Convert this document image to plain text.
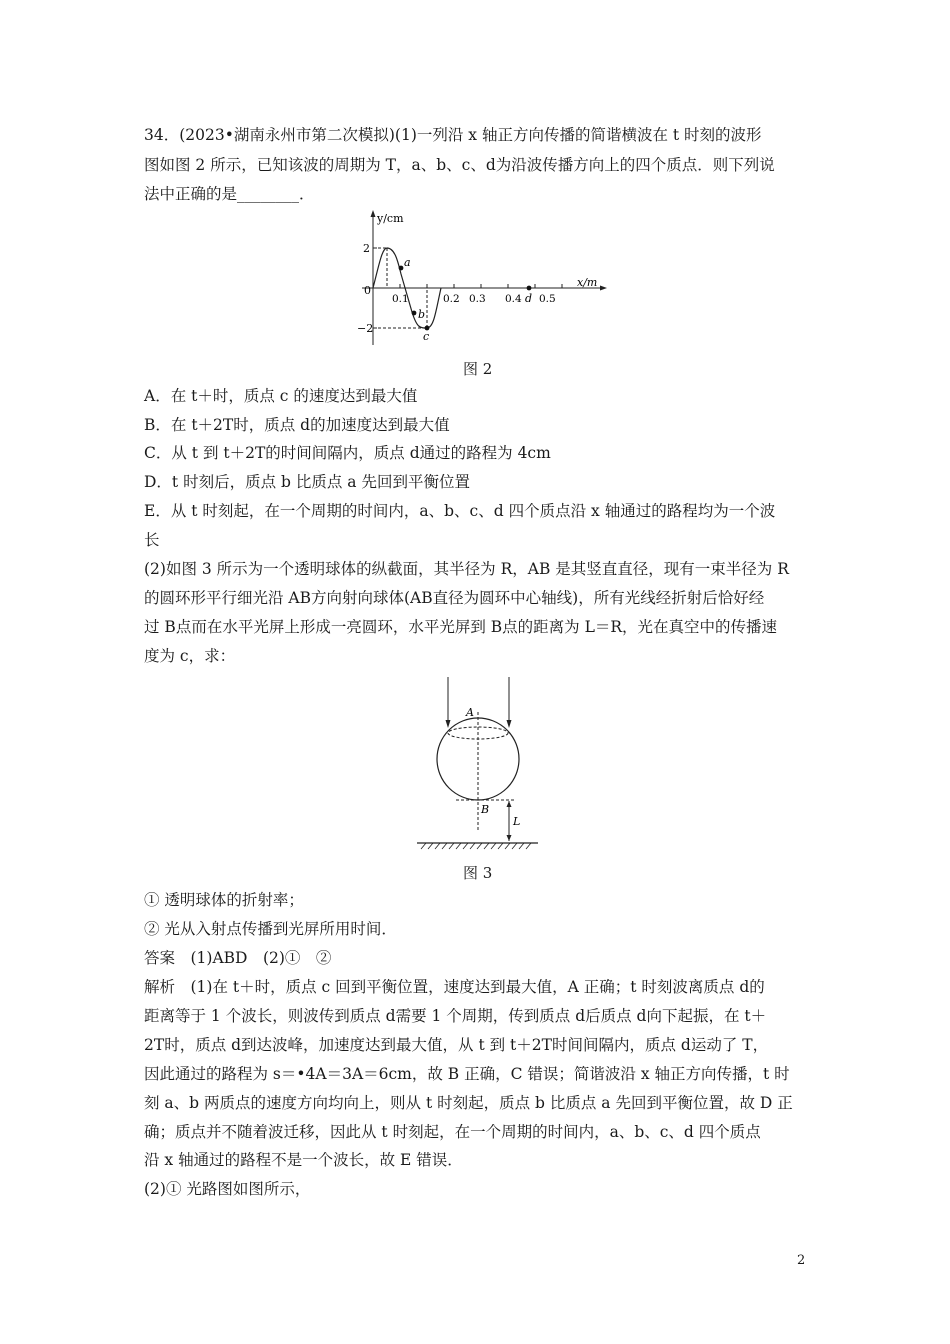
34．(2023•湖南永州市第二次模拟)(1)一列沿 x 轴正方向传播的简谐横波在 t 时刻的波形
图如图 2 所示，已知该波的周期为 T，a、b、c、d为沿波传播方向上的四个质点．则下列说
法中正确的是________．
y/cm
x/m
2
0
−2
0.1	0.2 0.3 0.4 0.5
a
b
c
d
图 2
A．在 t＋时，质点 c 的速度达到最大值
B．在 t＋2T时，质点 d的加速度达到最大值
C．从 t 到 t＋2T的时间间隔内，质点 d通过的路程为 4cm
D．t 时刻后，质点 b 比质点 a 先回到平衡位置
E．从 t 时刻起，在一个周期的时间内，a、b、c、d 四个质点沿 x 轴通过的路程均为一个波
长
(2)如图 3 所示为一个透明球体的纵截面，其半径为 R，AB 是其竖直直径，现有一束半径为 R
的圆环形平行细光沿 AB方向射向球体(AB直径为圆环中心轴线)，所有光线经折射后恰好经
过 B点而在水平光屏上形成一亮圆环，水平光屏到 B点的距离为 L＝R，光在真空中的传播速
度为 c，求：
A
B
L
图 3
① 透明球体的折射率；
② 光从入射点传播到光屏所用时间．
答案　(1)ABD　(2)①　②
解析　(1)在 t＋时，质点 c 回到平衡位置，速度达到最大值，A 正确；t 时刻波离质点 d的
距离等于 1 个波长，则波传到质点 d需要 1 个周期，传到质点 d后质点 d向下起振，在 t＋
2T时，质点 d到达波峰，加速度达到最大值，从 t 到 t＋2T时间间隔内，质点 d运动了 T，
因此通过的路程为 s＝•4A＝3A＝6cm，故 B 正确，C 错误；简谐波沿 x 轴正方向传播，t 时
刻 a、b 两质点的速度方向均向上，则从 t 时刻起，质点 b 比质点 a 先回到平衡位置，故 D 正
确；质点并不随着波迁移，因此从 t 时刻起，在一个周期的时间内，a、b、c、d 四个质点
沿 x 轴通过的路程不是一个波长，故 E 错误．
(2)① 光路图如图所示，
2
